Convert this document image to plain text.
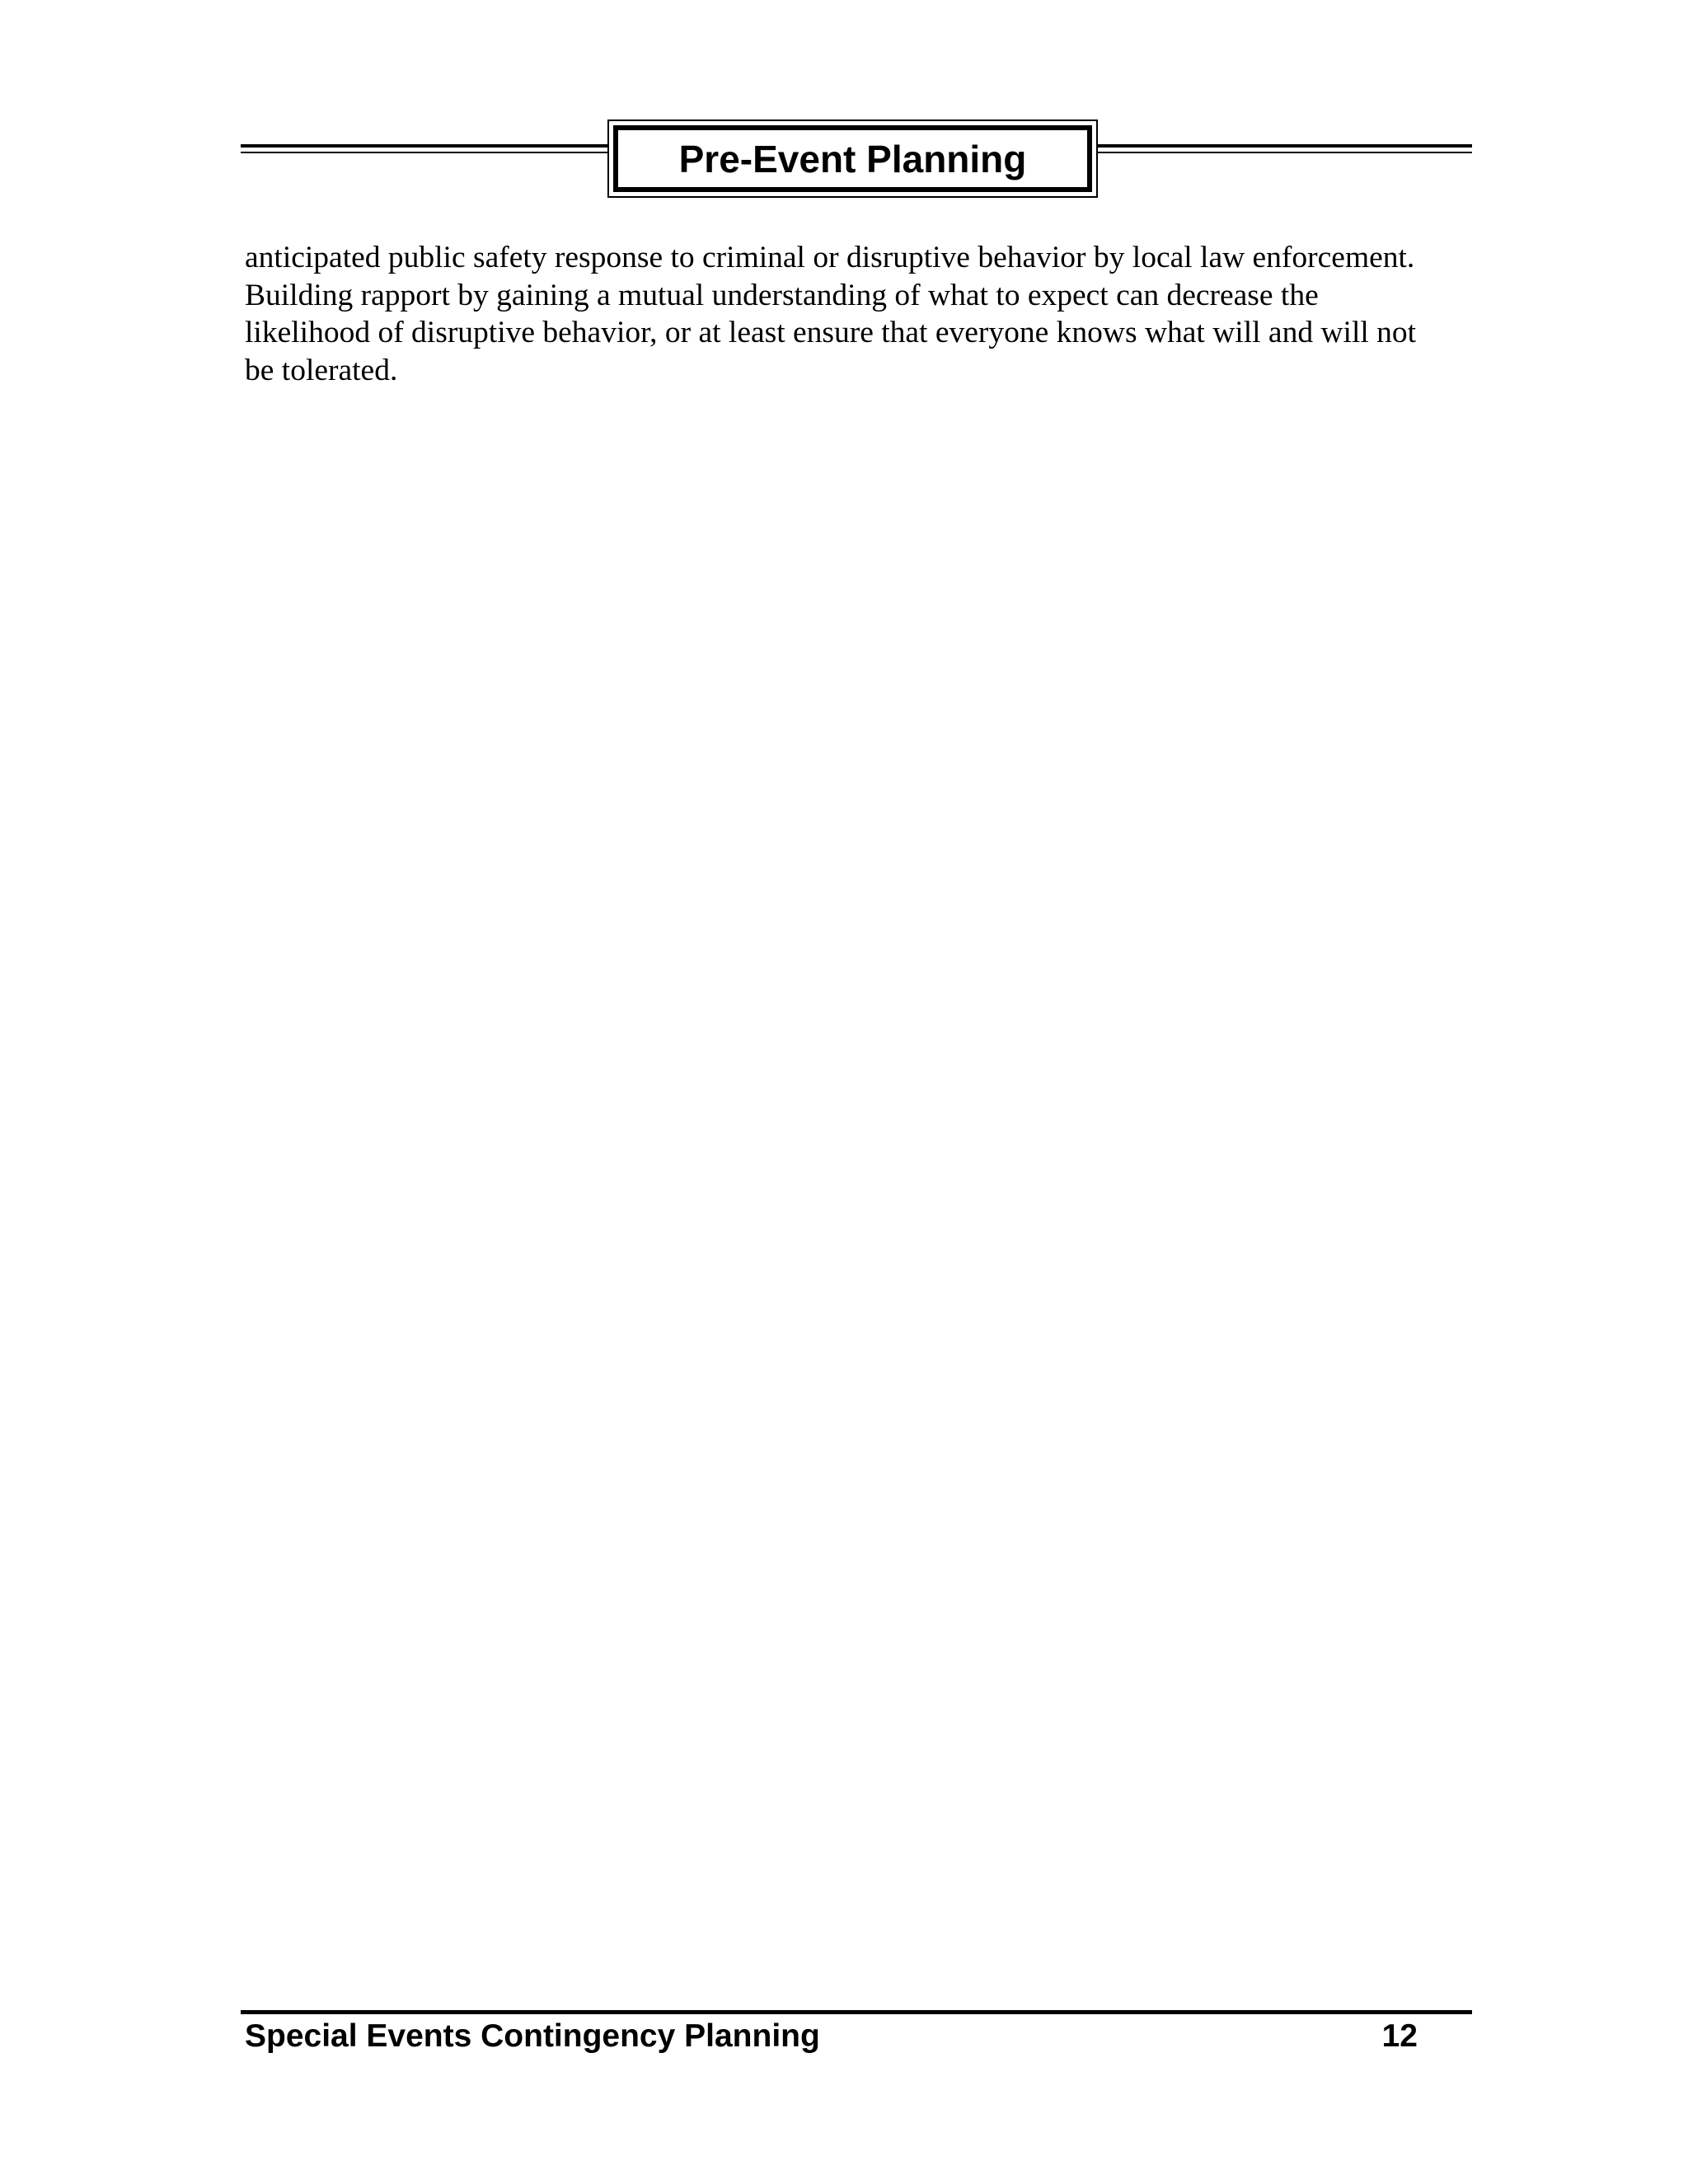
Pre-Event Planning

anticipated public safety response to criminal or disruptive behavior by local law enforcement. Building rapport by gaining a mutual understanding of what to expect can decrease the likelihood of disruptive behavior, or at least ensure that everyone knows what will and will not be tolerated.

Special Events Contingency Planning	12
